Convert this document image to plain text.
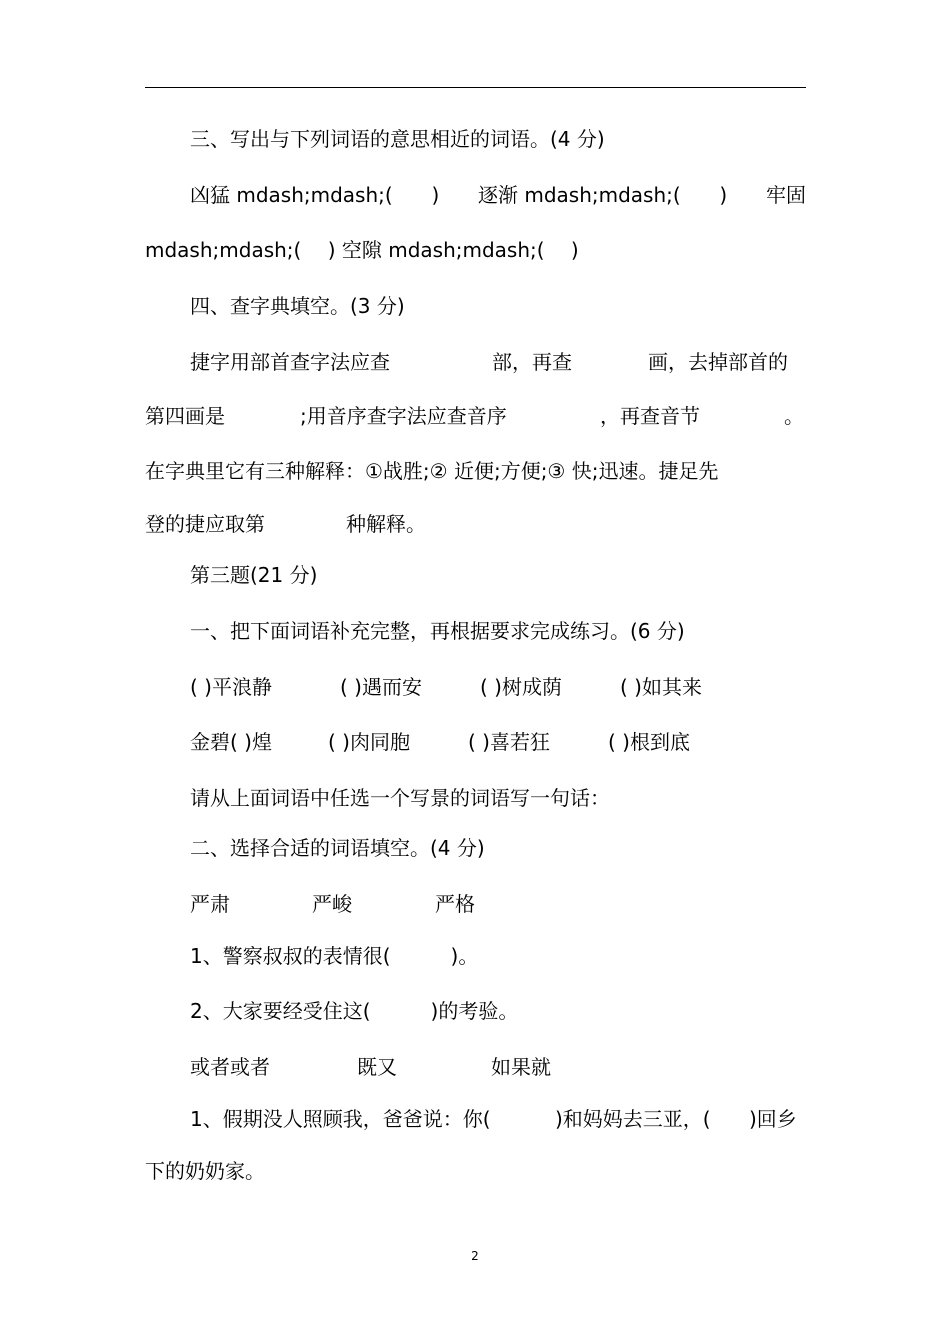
三、写出与下列词语的意思相近的词语。(4 分)
凶猛 mdash;mdash;( ) 逐渐 mdash;mdash;( ) 牢固
mdash;mdash;(　 ) 空隙 mdash;mdash;(　 )
四、查字典填空。(3 分)
捷字用部首查字法应查	部，再查	画，去掉部首的
第四画是	;用音序查字法应查音序	，再查音节	。
在字典里它有三种解释：①战胜;② 近便;方便;③ 快;迅速。捷足先
登的捷应取第	种解释。
第三题(21 分)
一、把下面词语补充完整，再根据要求完成练习。(6 分)
( )平浪静	( )遇而安	( )树成荫	( )如其来
金碧( )煌	( )肉同胞	( )喜若狂	( )根到底
请从上面词语中任选一个写景的词语写一句话：
二、选择合适的词语填空。(4 分)
严肃	严峻	严格
1、警察叔叔的表情很(　　　)。
2、大家要经受住这(　　　)的考验。
或者或者	既又	如果就
1、假期没人照顾我，爸爸说：你(	)和妈妈去三亚，( )回乡
下的奶奶家。
2
